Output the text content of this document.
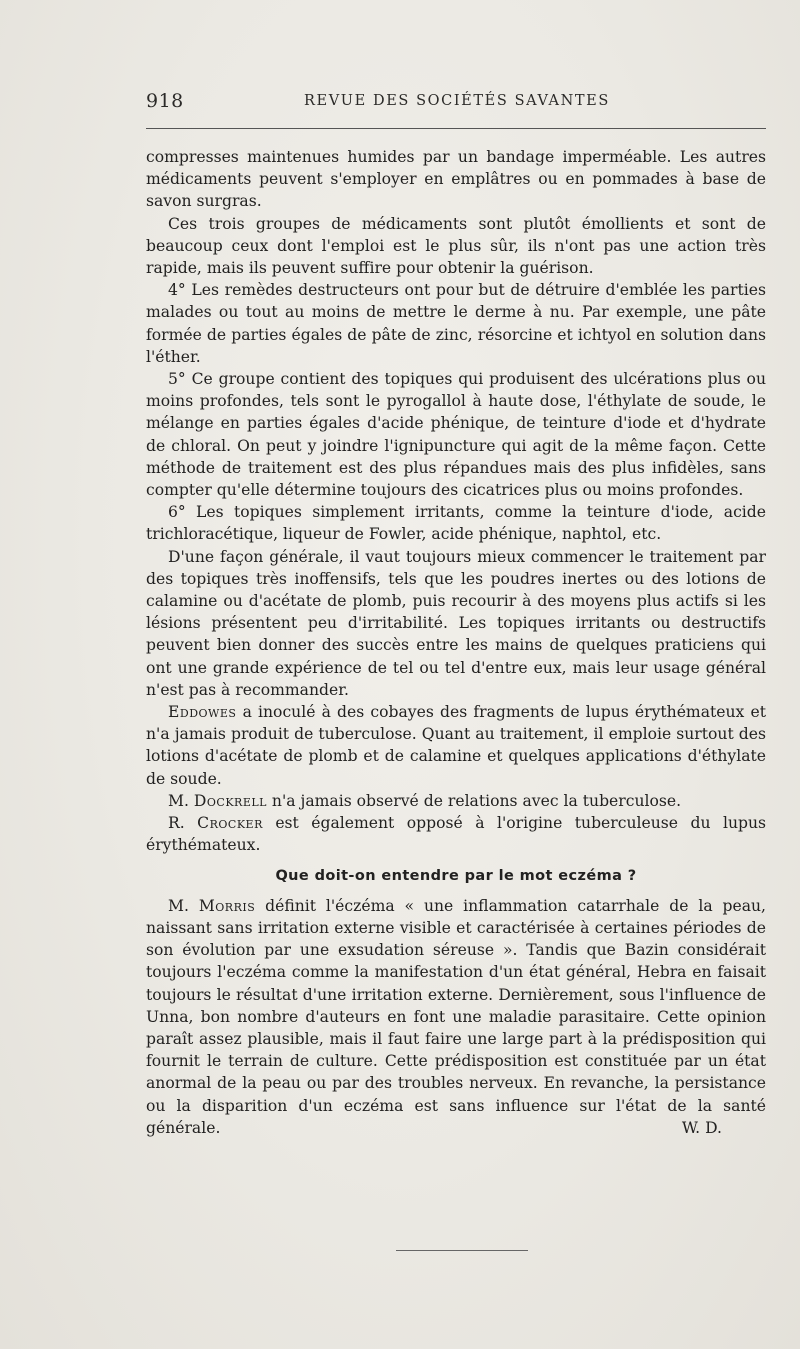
918	REVUE DES SOCIÉTÉS SAVANTES

compresses maintenues humides par un bandage imperméable. Les autres médicaments peuvent s'employer en emplâtres ou en pommades à base de savon surgras.

Ces trois groupes de médicaments sont plutôt émollients et sont de beaucoup ceux dont l'emploi est le plus sûr, ils n'ont pas une action très rapide, mais ils peuvent suffire pour obtenir la guérison.

4° Les remèdes destructeurs ont pour but de détruire d'emblée les parties malades ou tout au moins de mettre le derme à nu. Par exemple, une pâte formée de parties égales de pâte de zinc, résorcine et ichtyol en solution dans l'éther.

5° Ce groupe contient des topiques qui produisent des ulcérations plus ou moins profondes, tels sont le pyrogallol à haute dose, l'éthylate de soude, le mélange en parties égales d'acide phénique, de teinture d'iode et d'hydrate de chloral. On peut y joindre l'ignipuncture qui agit de la même façon. Cette méthode de traitement est des plus répandues mais des plus infidèles, sans compter qu'elle détermine toujours des cicatrices plus ou moins profondes.

6° Les topiques simplement irritants, comme la teinture d'iode, acide trichloracétique, liqueur de Fowler, acide phénique, naphtol, etc.

D'une façon générale, il vaut toujours mieux commencer le traitement par des topiques très inoffensifs, tels que les poudres inertes ou des lotions de calamine ou d'acétate de plomb, puis recourir à des moyens plus actifs si les lésions présentent peu d'irritabilité. Les topiques irritants ou destructifs peuvent bien donner des succès entre les mains de quelques praticiens qui ont une grande expérience de tel ou tel d'entre eux, mais leur usage général n'est pas à recommander.

Eddowes a inoculé à des cobayes des fragments de lupus érythémateux et n'a jamais produit de tuberculose. Quant au traitement, il emploie surtout des lotions d'acétate de plomb et de calamine et quelques applications d'éthylate de soude.

M. Dockrell n'a jamais observé de relations avec la tuberculose.

R. Crocker est également opposé à l'origine tuberculeuse du lupus érythémateux.

Que doit-on entendre par le mot eczéma ?

M. Morris définit l'éczéma « une inflammation catarrhale de la peau, naissant sans irritation externe visible et caractérisée à certaines périodes de son évolution par une exsudation séreuse ». Tandis que Bazin considérait toujours l'eczéma comme la manifestation d'un état général, Hebra en faisait toujours le résultat d'une irritation externe. Dernièrement, sous l'influence de Unna, bon nombre d'auteurs en font une maladie parasitaire. Cette opinion paraît assez plausible, mais il faut faire une large part à la prédisposition qui fournit le terrain de culture. Cette prédisposition est constituée par un état anormal de la peau ou par des troubles nerveux. En revanche, la persistance ou la disparition d'un eczéma est sans influence sur l'état de la santé générale.	W. D.
